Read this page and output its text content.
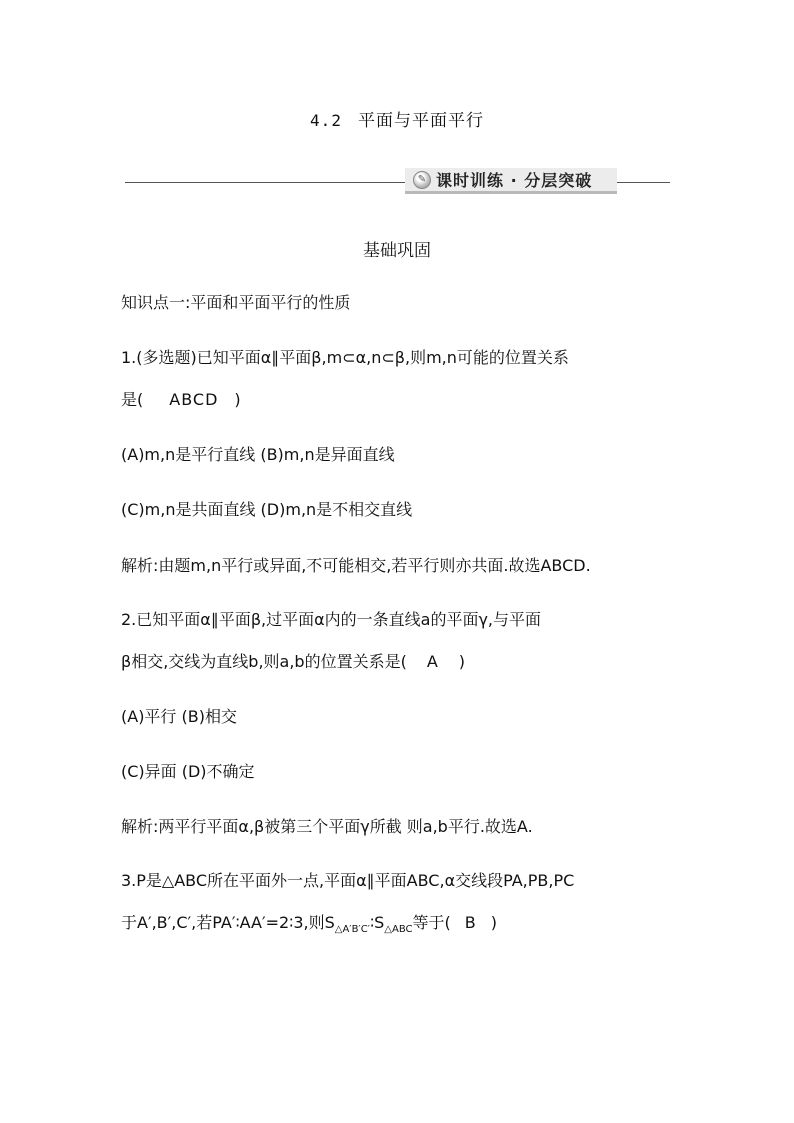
4.2 平面与平面平行
✎ 课时训练 · 分层突破
基础巩固
知识点一:平面和平面平行的性质
1.(多选题)已知平面α∥平面β,m⊂α,n⊂β,则m,n可能的位置关系
是( ABCD )
(A)m,n是平行直线 (B)m,n是异面直线
(C)m,n是共面直线 (D)m,n是不相交直线
解析:由题m,n平行或异面,不可能相交,若平行则亦共面.故选ABCD.
2.已知平面α∥平面β,过平面α内的一条直线a的平面γ,与平面
β相交,交线为直线b,则a,b的位置关系是( A )
(A)平行 (B)相交
(C)异面 (D)不确定
解析:两平行平面α,β被第三个平面γ所截 则a,b平行.故选A.
3.P是△ABC所在平面外一点,平面α∥平面ABC,α交线段PA,PB,PC
于A′,B′,C′,若PA′∶AA′=2∶3,则$S_{\triangle A'B'C'}∶S_{\triangle ABC}$等于( B )
